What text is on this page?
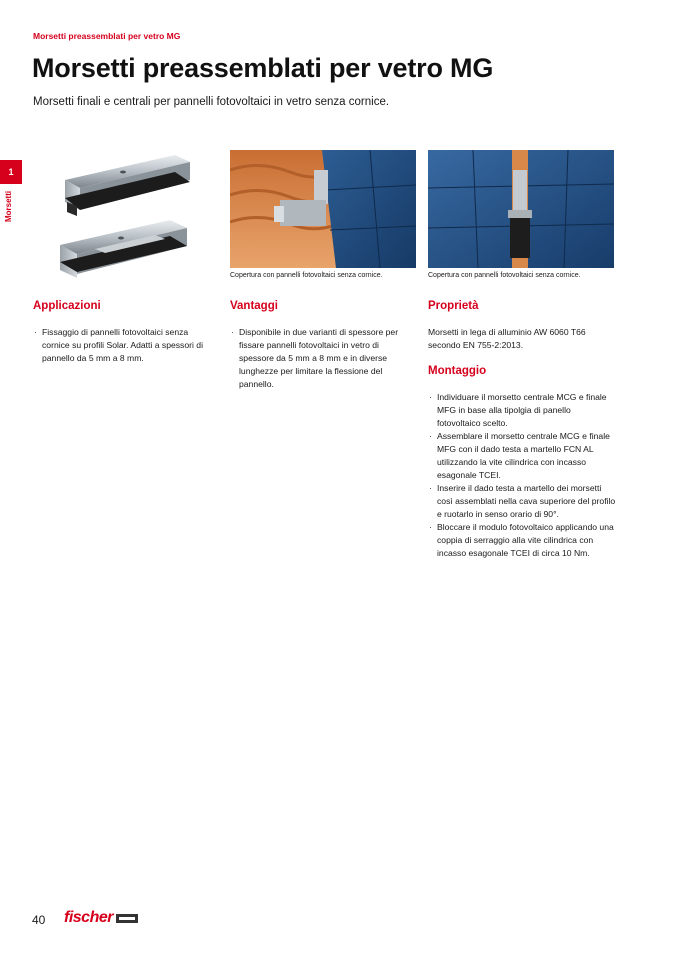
Morsetti preassemblati per vetro MG
Morsetti preassemblati per vetro MG
Morsetti finali e centrali per pannelli fotovoltaici in vetro senza cornice.
1
Morsetti
Copertura con pannelli fotovoltaici senza cornice.	Copertura con pannelli fotovoltaici senza cornice.
Applicazioni
· Fissaggio di pannelli fotovoltaici senza cornice su profili Solar. Adatti a spessori di pannello da 5 mm a 8 mm.
Vantaggi
· Disponibile in due varianti di spessore per fissare pannelli fotovoltaici in vetro di spessore da 5 mm a 8 mm e in diverse lunghezze per limitare la flessione del pannello.
Proprietà

Morsetti in lega di alluminio AW 6060 T66 secondo EN 755-2:2013.

Montaggio
· Individuare il morsetto centrale MCG e finale MFG in base alla tipolgia di panello fotovoltaico scelto.
· Assemblare il morsetto centrale MCG e finale MFG con il dado testa a martello FCN AL utilizzando la vite cilindrica con incasso esagonale TCEI.
· Inserire il dado testa a martello dei morsetti così assemblati nella cava superiore del profilo e ruotarlo in senso orario di 90°.
· Bloccare il modulo fotovoltaico applicando una coppia di serraggio alla vite cilindrica con incasso esagonale TCEI di circa 10 Nm.
40 fischer
